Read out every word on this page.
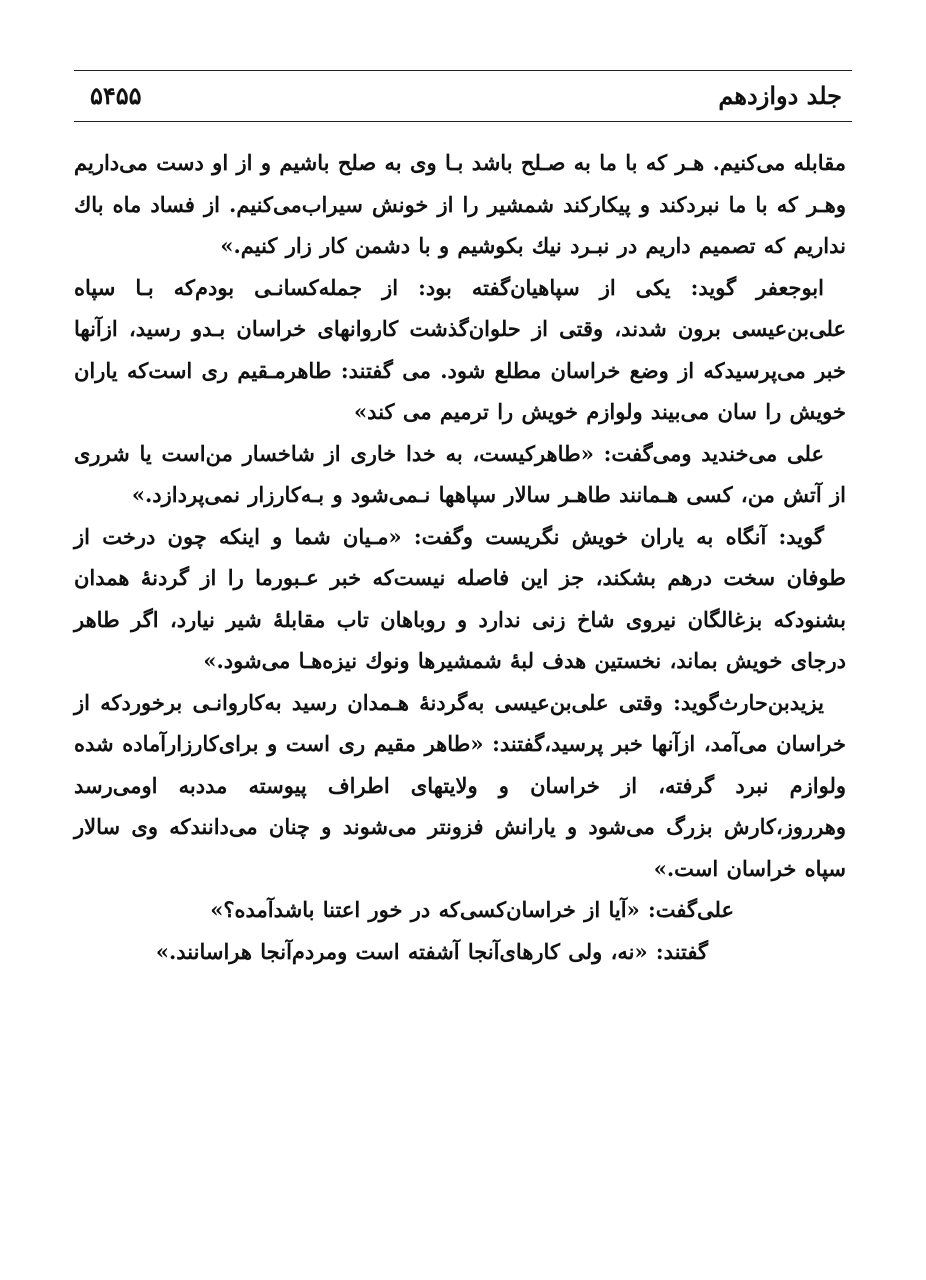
جلد دوازدهم
۵۴۵۵

مقابله می‌کنیم. هـر که با ما به صـلح باشد بـا وی به صلح باشیم و از او دست می‌داریم وهـر که با ما نبردکند و پیکارکند شمشیر را از خونش سیراب‌می‌کنیم. از فساد ماه باك نداریم که تصمیم داریم در نبـرد نیك بکوشیم و با دشمن کار زار کنیم.»

ابوجعفر گوید: یکی از سپاهیان‌گفته بود: از جمله‌کسانـی بودم‌که بـا سپاه علی‌بن‌عیسی برون شدند، وقتی از حلوان‌گذشت کاروانهای خراسان بـدو رسید، ازآنها خبر می‌پرسیدکه از وضع خراسان مطلع شود. می گفتند: طاهرمـقیم ری است‌که یاران خویش را سان می‌بیند ولوازم خویش را ترمیم می کند»

علی می‌خندید ومی‌گفت: «طاهرکیست، به خدا خاری از شاخسار من‌است یا شرری از آتش من، کسی هـمانند طاهـر سالار سپاهها نـمی‌شود و بـه‌کارزار نمی‌پردازد.»

گوید: آنگاه به یاران خویش نگریست وگفت: «مـیان شما و اینکه چون درخت از طوفان سخت درهم بشکند، جز این فاصله نیست‌که خبر عـبورما را از گردنهٔ همدان بشنودکه بزغالگان نیروی شاخ زنی ندارد و روباهان تاب مقابلهٔ شیر نیارد، اگر طاهر درجای خویش بماند، نخستین هدف لبهٔ شمشیرها ونوك نیزه‌هـا می‌شود.»

یزیدبن‌حارث‌گوید: وقتی علی‌بن‌عیسی به‌گردنهٔ هـمدان رسید به‌کاروانـی برخوردکه از خراسان می‌آمد، ازآنها خبر پرسید،گفتند: «طاهر مقیم ری است و برای‌کارزارآماده شده ولوازم نبرد گرفته، از خراسان و ولایتهای اطراف پیوسته مددبه اومی‌رسد وهرروز،کارش بزرگ می‌شود و یارانش فزونتر می‌شوند و چنان می‌دانندکه وی سالار سپاه خراسان است.»

علی‌گفت: «آیا از خراسان‌کسی‌که در خور اعتنا باشدآمده؟»

گفتند: «نه، ولی کارهای‌آنجا آشفته است ومردم‌آنجا هراسانند.»
